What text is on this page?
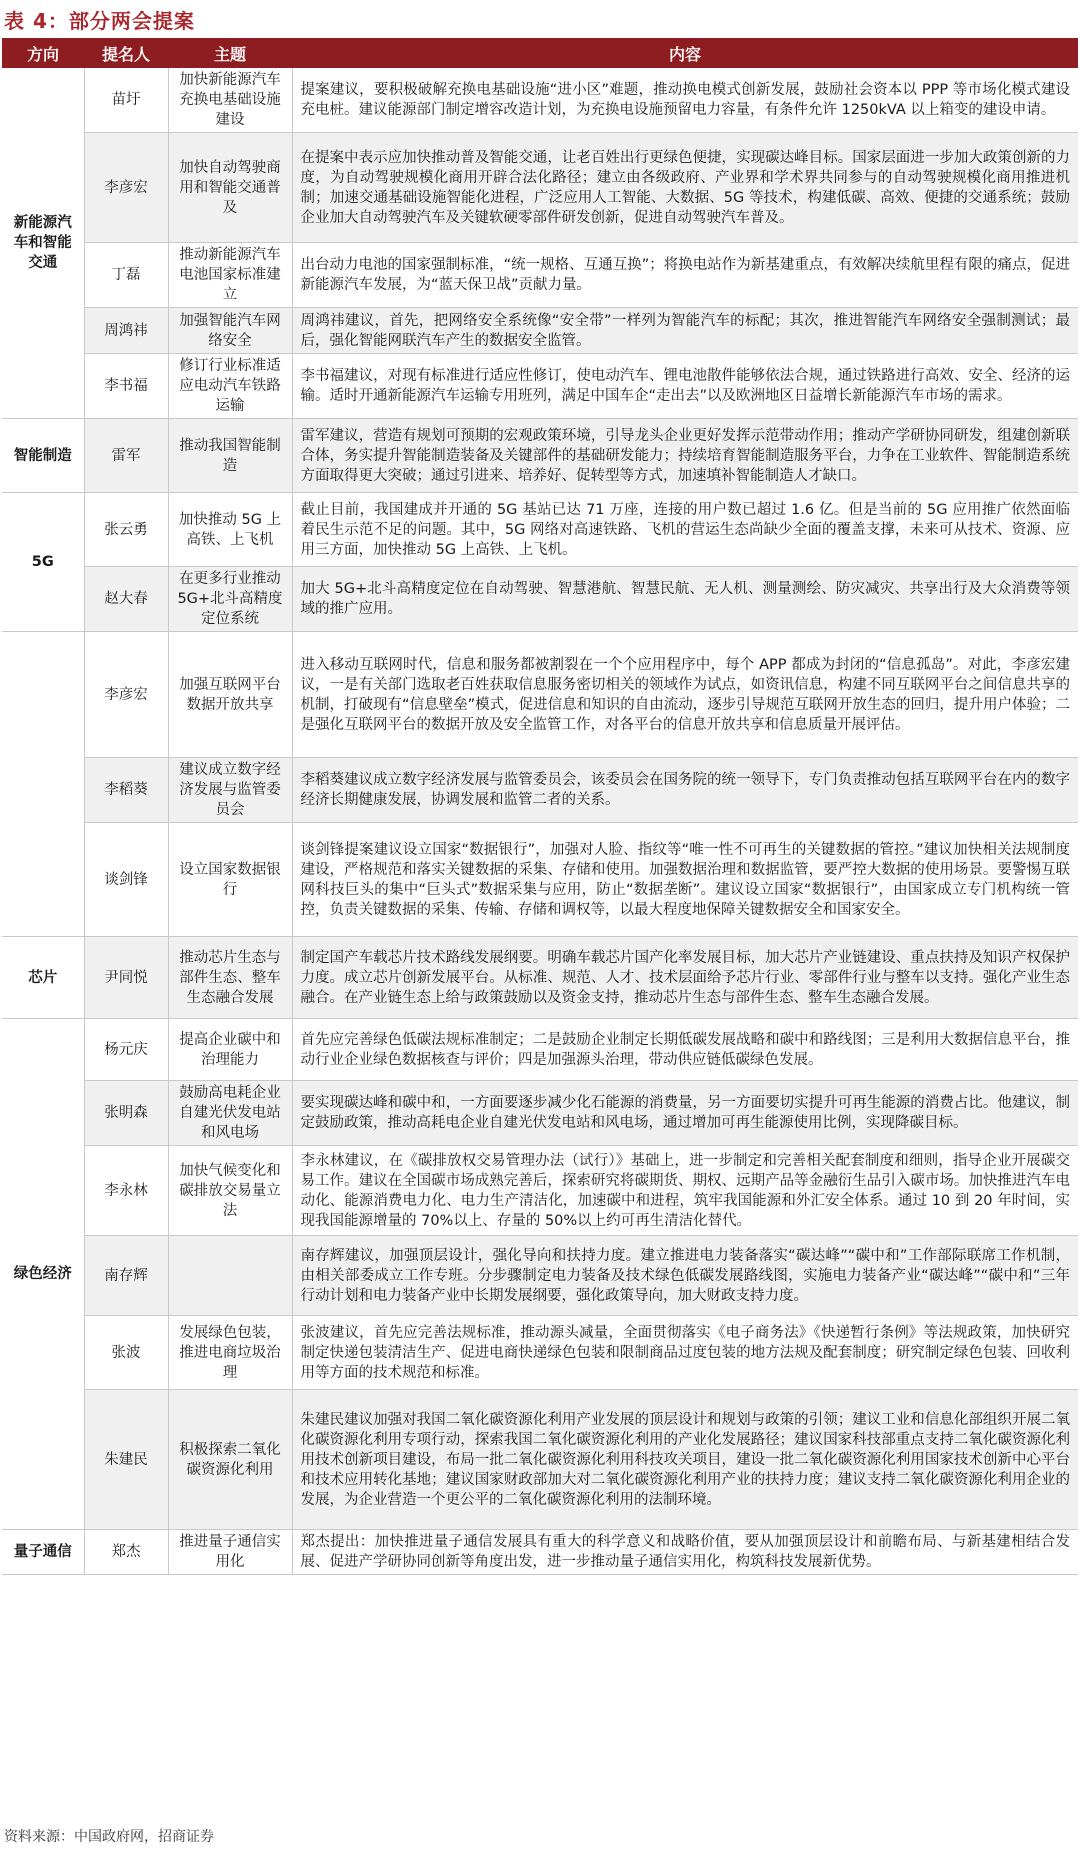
表 4：部分两会提案
方向	提名人	主题	内容
新能源汽车和智能交通	苗圩	加快新能源汽车充换电基础设施建设	提案建议，要积极破解充换电基础设施“进小区”难题，推动换电模式创新发展，鼓励社会资本以 PPP 等市场化模式建设充电桩。建议能源部门制定增容改造计划，为充换电设施预留电力容量，有条件允许 1250kVA 以上箱变的建设申请。
	李彦宏	加快自动驾驶商用和智能交通普及	在提案中表示应加快推动普及智能交通，让老百姓出行更绿色便捷，实现碳达峰目标。国家层面进一步加大政策创新的力度，为自动驾驶规模化商用开辟合法化路径；建立由各级政府、产业界和学术界共同参与的自动驾驶规模化商用推进机制；加速交通基础设施智能化进程，广泛应用人工智能、大数据、5G 等技术，构建低碳、高效、便捷的交通系统；鼓励企业加大自动驾驶汽车及关键软硬零部件研发创新，促进自动驾驶汽车普及。
	丁磊	推动新能源汽车电池国家标准建立	出台动力电池的国家强制标准，“统一规格、互通互换”；将换电站作为新基建重点，有效解决续航里程有限的痛点，促进新能源汽车发展，为“蓝天保卫战”贡献力量。
	周鸿祎	加强智能汽车网络安全	周鸿祎建议，首先，把网络安全系统像“安全带”一样列为智能汽车的标配；其次，推进智能汽车网络安全强制测试；最后，强化智能网联汽车产生的数据安全监管。
	李书福	修订行业标准适应电动汽车铁路运输	李书福建议，对现有标准进行适应性修订，使电动汽车、锂电池散件能够依法合规，通过铁路进行高效、安全、经济的运输。适时开通新能源汽车运输专用班列，满足中国车企“走出去”以及欧洲地区日益增长新能源汽车市场的需求。
智能制造	雷军	推动我国智能制造	雷军建议，营造有规划可预期的宏观政策环境，引导龙头企业更好发挥示范带动作用；推动产学研协同研发，组建创新联合体，务实提升智能制造装备及关键部件的基础研发能力；持续培育智能制造服务平台，力争在工业软件、智能制造系统方面取得更大突破；通过引进来、培养好、促转型等方式，加速填补智能制造人才缺口。
5G	张云勇	加快推动 5G 上高铁、上飞机	截止目前，我国建成并开通的 5G 基站已达 71 万座，连接的用户数已超过 1.6 亿。但是当前的 5G 应用推广依然面临着民生示范不足的问题。其中，5G 网络对高速铁路、飞机的营运生态尚缺少全面的覆盖支撑，未来可从技术、资源、应用三方面，加快推动 5G 上高铁、上飞机。
	赵大春	在更多行业推动 5G+北斗高精度定位系统	加大 5G+北斗高精度定位在自动驾驶、智慧港航、智慧民航、无人机、测量测绘、防灾减灾、共享出行及大众消费等领域的推广应用。
	李彦宏	加强互联网平台数据开放共享	进入移动互联网时代，信息和服务都被割裂在一个个应用程序中，每个 APP 都成为封闭的“信息孤岛”。对此，李彦宏建议，一是有关部门选取老百姓获取信息服务密切相关的领域作为试点，如资讯信息，构建不同互联网平台之间信息共享的机制，打破现有“信息壁垒”模式，促进信息和知识的自由流动，逐步引导规范互联网开放生态的回归，提升用户体验；二是强化互联网平台的数据开放及安全监管工作，对各平台的信息开放共享和信息质量开展评估。
	李稻葵	建议成立数字经济发展与监管委员会	李稻葵建议成立数字经济发展与监管委员会，该委员会在国务院的统一领导下，专门负责推动包括互联网平台在内的数字经济长期健康发展，协调发展和监管二者的关系。
	谈剑锋	设立国家数据银行	谈剑锋提案建议设立国家“数据银行”，加强对人脸、指纹等“唯一性不可再生的关键数据的管控。”建议加快相关法规制度建设，严格规范和落实关键数据的采集、存储和使用。加强数据治理和数据监管，要严控大数据的使用场景。要警惕互联网科技巨头的集中“巨头式”数据采集与应用，防止“数据垄断”。建议设立国家“数据银行”，由国家成立专门机构统一管控，负责关键数据的采集、传输、存储和调权等，以最大程度地保障关键数据安全和国家安全。
芯片	尹同悦	推动芯片生态与部件生态、整车生态融合发展	制定国产车载芯片技术路线发展纲要。明确车载芯片国产化率发展目标，加大芯片产业链建设、重点扶持及知识产权保护力度。成立芯片创新发展平台。从标准、规范、人才、技术层面给予芯片行业、零部件行业与整车以支持。强化产业生态融合。在产业链生态上给与政策鼓励以及资金支持，推动芯片生态与部件生态、整车生态融合发展。
绿色经济	杨元庆	提高企业碳中和治理能力	首先应完善绿色低碳法规标准制定；二是鼓励企业制定长期低碳发展战略和碳中和路线图；三是利用大数据信息平台，推动行业企业绿色数据核查与评价；四是加强源头治理，带动供应链低碳绿色发展。
	张明森	鼓励高电耗企业自建光伏发电站和风电场	要实现碳达峰和碳中和，一方面要逐步减少化石能源的消费量，另一方面要切实提升可再生能源的消费占比。他建议，制定鼓励政策，推动高耗电企业自建光伏发电站和风电场，通过增加可再生能源使用比例，实现降碳目标。
	李永林	加快气候变化和碳排放交易量立法	李永林建议，在《碳排放权交易管理办法（试行）》基础上，进一步制定和完善相关配套制度和细则，指导企业开展碳交易工作。建议在全国碳市场成熟完善后，探索研究将碳期货、期权、远期产品等金融衍生品引入碳市场。加快推进汽车电动化、能源消费电力化、电力生产清洁化，加速碳中和进程，筑牢我国能源和外汇安全体系。通过 10 到 20 年时间，实现我国能源增量的 70%以上、存量的 50%以上约可再生清洁化替代。
	南存辉		南存辉建议，加强顶层设计，强化导向和扶持力度。建立推进电力装备落实“碳达峰”“碳中和”工作部际联席工作机制，由相关部委成立工作专班。分步骤制定电力装备及技术绿色低碳发展路线图，实施电力装备产业“碳达峰”“碳中和”三年行动计划和电力装备产业中长期发展纲要，强化政策导向，加大财政支持力度。
	张波	发展绿色包装，推进电商垃圾治理	张波建议，首先应完善法规标准，推动源头减量，全面贯彻落实《电子商务法》《快递暂行条例》等法规政策，加快研究制定快递包装清洁生产、促进电商快递绿色包装和限制商品过度包装的地方法规及配套制度；研究制定绿色包装、回收利用等方面的技术规范和标准。
	朱建民	积极探索二氧化碳资源化利用	朱建民建议加强对我国二氧化碳资源化利用产业发展的顶层设计和规划与政策的引领；建议工业和信息化部组织开展二氧化碳资源化利用专项行动，探索我国二氧化碳资源化利用的产业化发展路径；建议国家科技部重点支持二氧化碳资源化利用技术创新项目建设，布局一批二氧化碳资源化利用科技攻关项目，建设一批二氧化碳资源化利用国家技术创新中心平台和技术应用转化基地；建议国家财政部加大对二氧化碳资源化利用产业的扶持力度；建议支持二氧化碳资源化利用企业的发展，为企业营造一个更公平的二氧化碳资源化利用的法制环境。
量子通信	郑杰	推进量子通信实用化	郑杰提出：加快推进量子通信发展具有重大的科学意义和战略价值，要从加强顶层设计和前瞻布局、与新基建相结合发展、促进产学研协同创新等角度出发，进一步推动量子通信实用化，构筑科技发展新优势。
资料来源：中国政府网，招商证券
